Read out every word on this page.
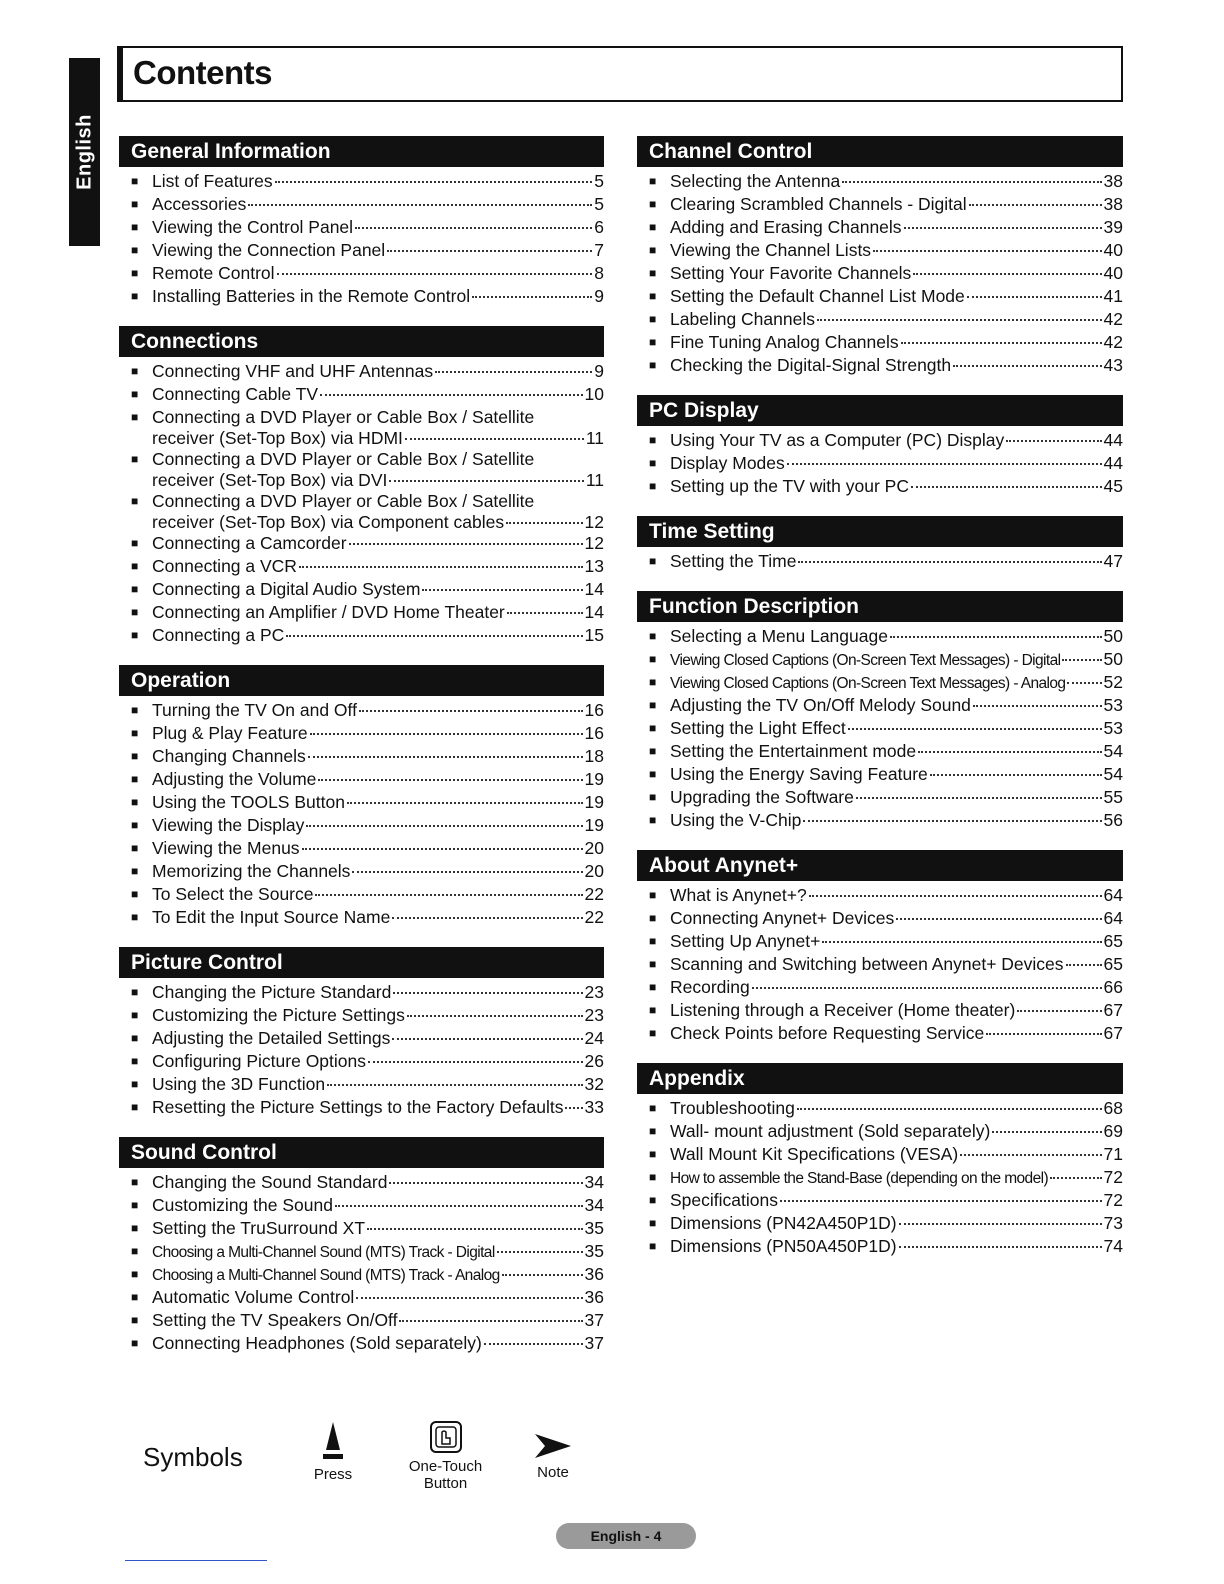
English
Contents
General Information
■ List of Features	5
■ Accessories	5
■ Viewing the Control Panel	6
■ Viewing the Connection Panel	7
■ Remote Control	8
■ Installing Batteries in the Remote Control	9
Connections
■ Connecting VHF and UHF Antennas	9
■ Connecting Cable TV	10
■ Connecting a DVD Player or Cable Box / Satellite
receiver (Set-Top Box) via HDMI	11
■ Connecting a DVD Player or Cable Box / Satellite
receiver (Set-Top Box) via DVI	11
■ Connecting a DVD Player or Cable Box / Satellite
receiver (Set-Top Box) via Component cables	12
■ Connecting a Camcorder	12
■ Connecting a VCR	13
■ Connecting a Digital Audio System	14
■ Connecting an Amplifier / DVD Home Theater	14
■ Connecting a PC	15
Operation
■ Turning the TV On and Off	16
■ Plug & Play Feature	16
■ Changing Channels	18
■ Adjusting the Volume	19
■ Using the TOOLS Button	19
■ Viewing the Display	19
■ Viewing the Menus	20
■ Memorizing the Channels	20
■ To Select the Source	22
■ To Edit the Input Source Name	22
Picture Control
■ Changing the Picture Standard	23
■ Customizing the Picture Settings	23
■ Adjusting the Detailed Settings	24
■ Configuring Picture Options	26
■ Using the 3D Function	32
■ Resetting the Picture Settings to the Factory Defaults 33
Sound Control
■ Changing the Sound Standard	34
■ Customizing the Sound	34
■ Setting the TruSurround XT	35
■ Choosing a Multi-Channel Sound (MTS) Track - Digital	35
■ Choosing a Multi-Channel Sound (MTS) Track - Analog	36
■ Automatic Volume Control	36
■ Setting the TV Speakers On/Off	37
■ Connecting Headphones (Sold separately)	37
Channel Control
■ Selecting the Antenna	38
■ Clearing Scrambled Channels - Digital	38
■ Adding and Erasing Channels	39
■ Viewing the Channel Lists	40
■ Setting Your Favorite Channels	40
■ Setting the Default Channel List Mode	41
■ Labeling Channels	42
■ Fine Tuning Analog Channels	42
■ Checking the Digital-Signal Strength	43
PC Display
■ Using Your TV as a Computer (PC) Display	44
■ Display Modes	44
■ Setting up the TV with your PC	45
Time Setting
■ Setting the Time	47
Function Description
■ Selecting a Menu Language	50
■ Viewing Closed Captions (On-Screen Text Messages) - Digital 50
■ Viewing Closed Captions (On-Screen Text Messages) - Analog 52
■ Adjusting the TV On/Off Melody Sound	53
■ Setting the Light Effect	53
■ Setting the Entertainment mode	54
■ Using the Energy Saving Feature	54
■ Upgrading the Software	55
■ Using the V-Chip	56
About Anynet+
■ What is Anynet+?	64
■ Connecting Anynet+ Devices	64
■ Setting Up Anynet+	65
■ Scanning and Switching between Anynet+ Devices 65
■ Recording	66
■ Listening through a Receiver (Home theater)	67
■ Check Points before Requesting Service	67
Appendix
■ Troubleshooting	68
■ Wall- mount adjustment (Sold separately)	69
■ Wall Mount Kit Specifications (VESA)	71
■ How to assemble the Stand-Base (depending on the model)	72
■ Specifications	72
■ Dimensions (PN42A450P1D)	73
■ Dimensions (PN50A450P1D)	74
Symbols
Press	One-Touch
Button
Note
English - 4
